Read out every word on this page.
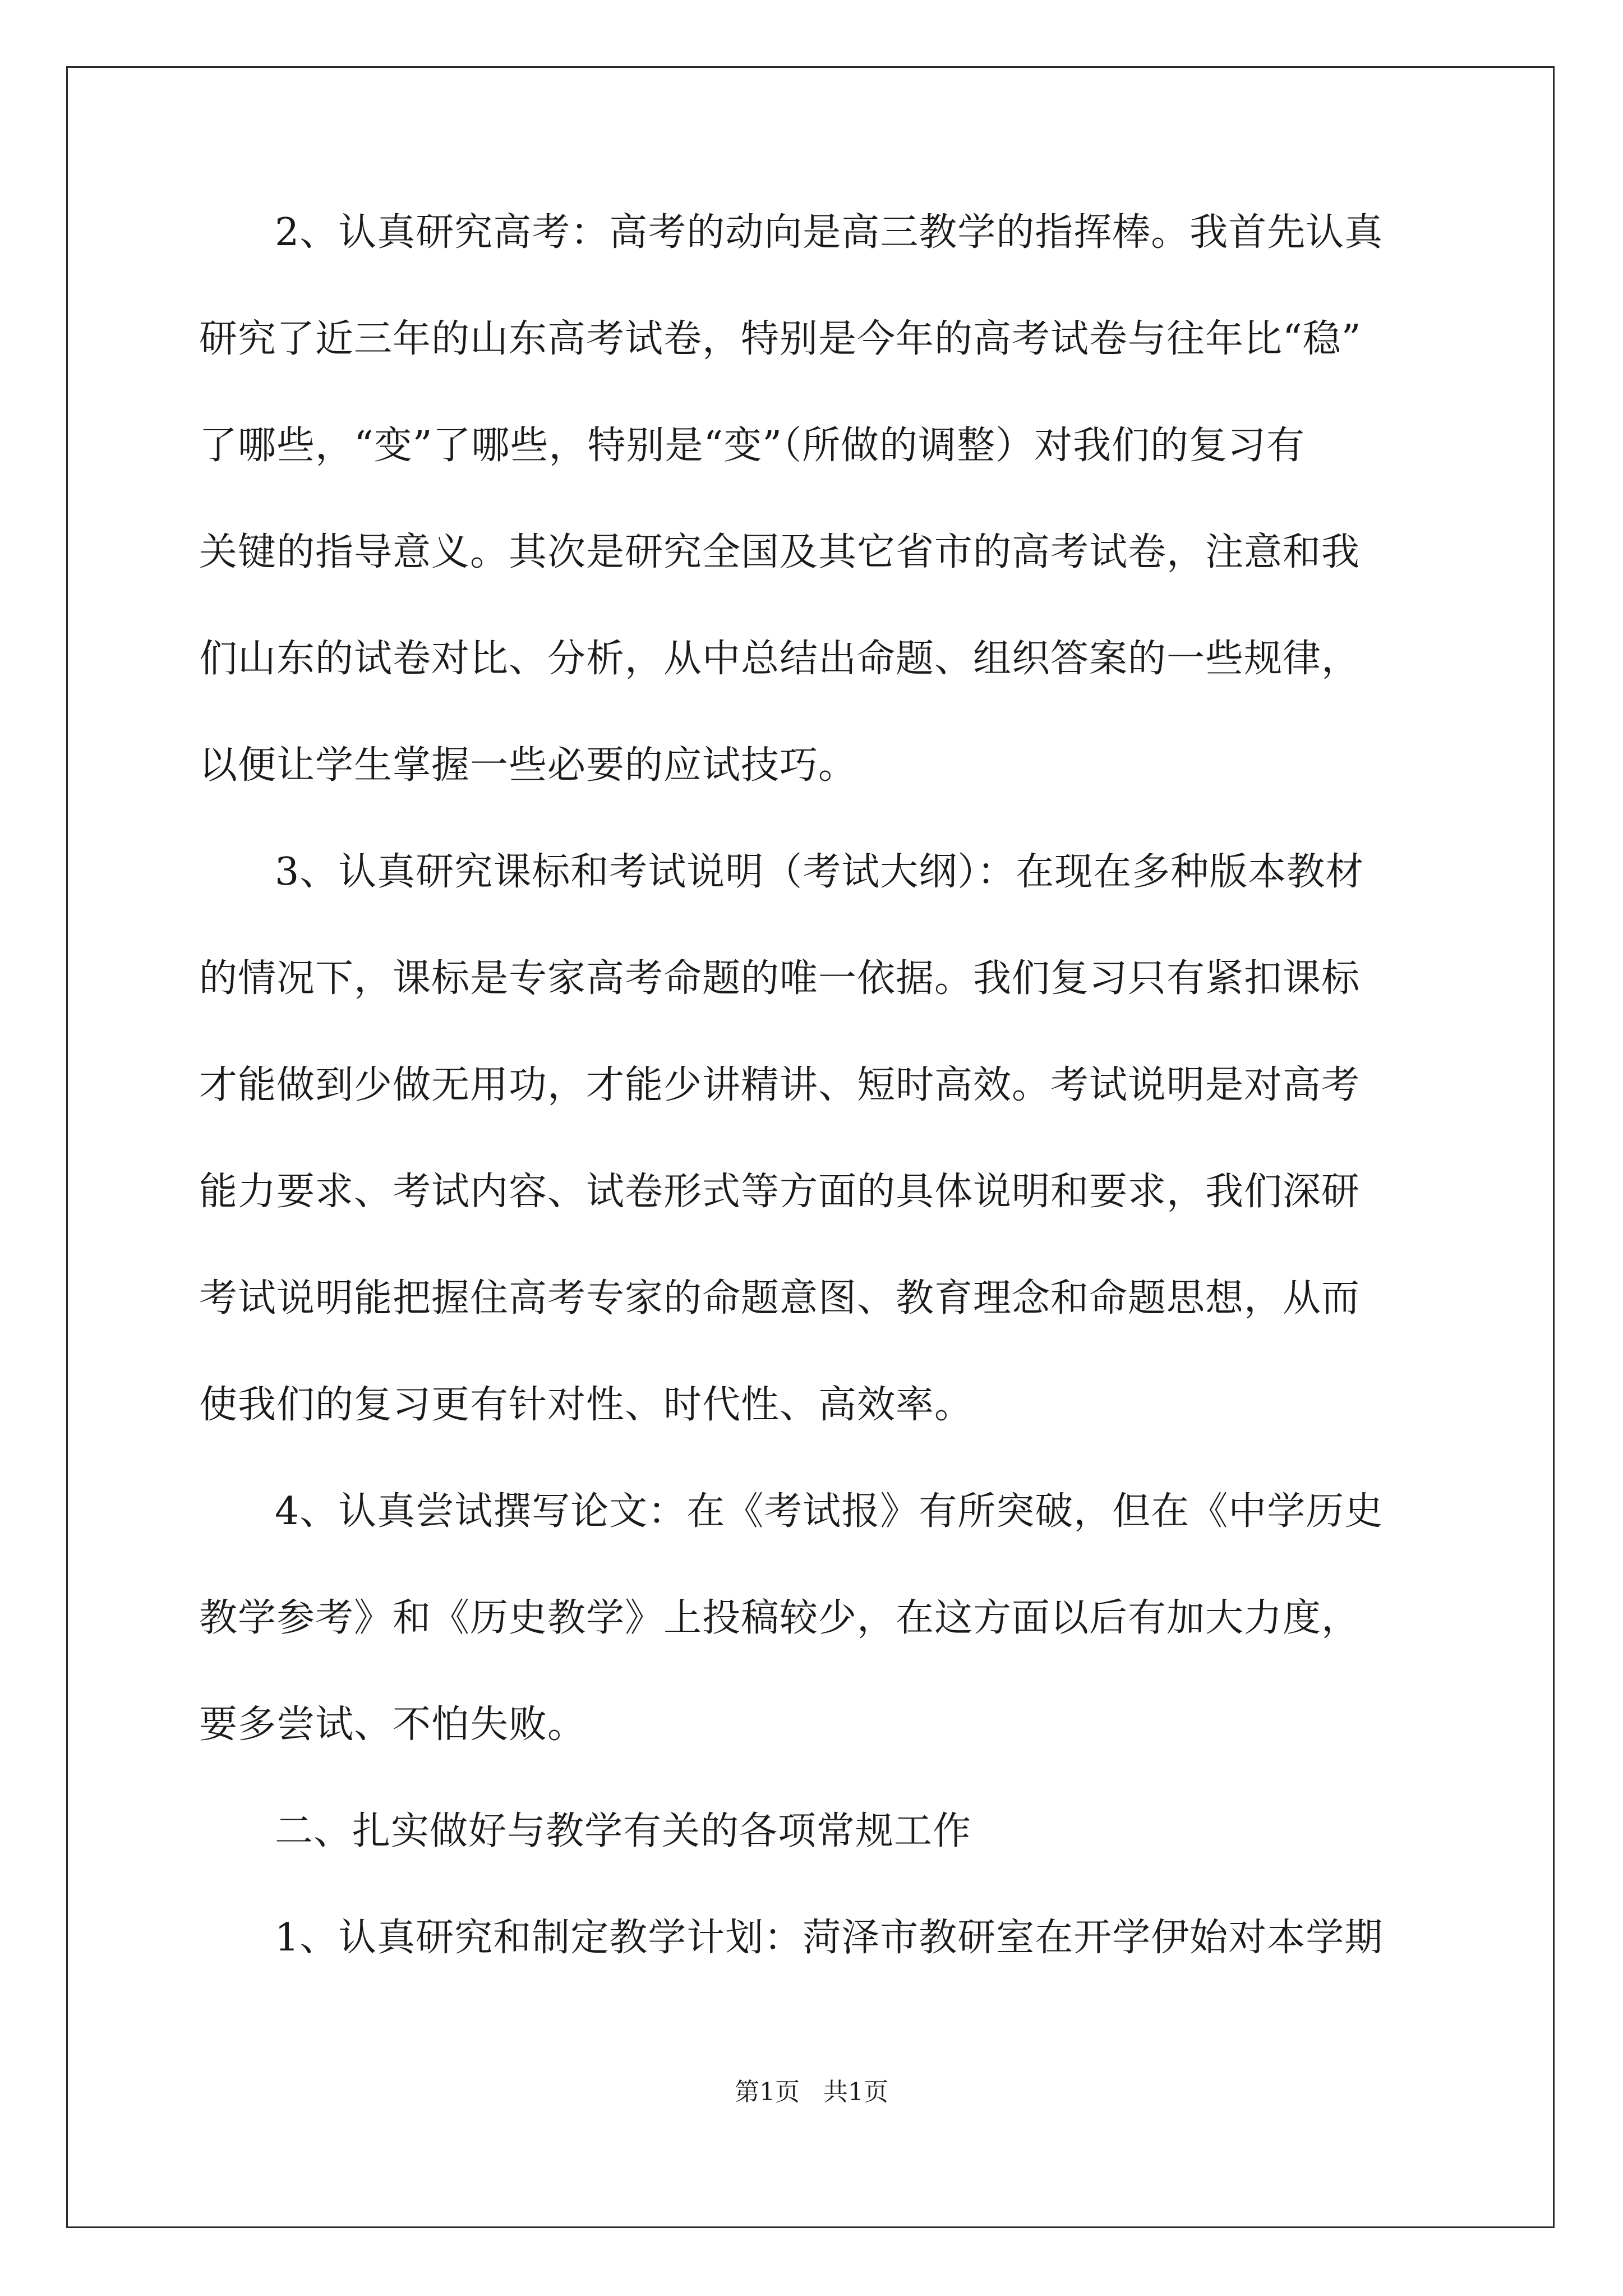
2、认真研究高考：高考的动向是高三教学的指挥棒。我首先认真
研究了近三年的山东高考试卷，特别是今年的高考试卷与往年比“稳”
了哪些，“变”了哪些，特别是“变”（所做的调整）对我们的复习有
关键的指导意义。其次是研究全国及其它省市的高考试卷，注意和我
们山东的试卷对比、分析，从中总结出命题、组织答案的一些规律，
以便让学生掌握一些必要的应试技巧。
3、认真研究课标和考试说明（考试大纲）：在现在多种版本教材
的情况下，课标是专家高考命题的唯一依据。我们复习只有紧扣课标
才能做到少做无用功，才能少讲精讲、短时高效。考试说明是对高考
能力要求、考试内容、试卷形式等方面的具体说明和要求，我们深研
考试说明能把握住高考专家的命题意图、教育理念和命题思想，从而
使我们的复习更有针对性、时代性、高效率。
4、认真尝试撰写论文：在《考试报》有所突破，但在《中学历史
教学参考》和《历史教学》上投稿较少，在这方面以后有加大力度，
要多尝试、不怕失败。
二、扎实做好与教学有关的各项常规工作
1、认真研究和制定教学计划：菏泽市教研室在开学伊始对本学期
第1页   共1页
